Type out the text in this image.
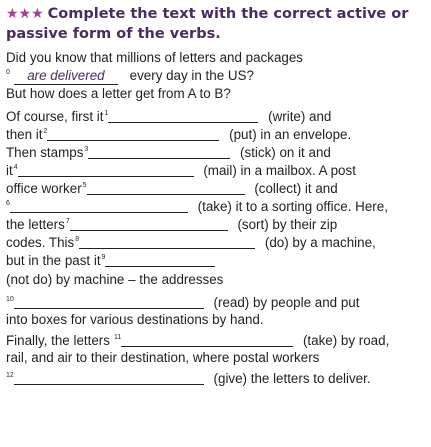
★★★ Complete the text with the correct active or passive form of the verbs.
Did you know that millions of letters and packages
$^0$ are delivered every day in the US?
But how does a letter get from A to B?
Of course, first $it^1$	(write) and
then $it^2$	(put) in an envelope.
Then stamps$^3$	(stick) on it and
$it^4$	(mail) in a mailbox. A post
office worker$^5$	(collect) it and
$^6$	(take) it to a sorting office. Here,
the letters$^7$	(sort) by their zip
codes. This$^8$	(do) by a machine,
but in the past $it^9$
(not do) by machine – the addresses
$^{10}$	(read) by people and put
into boxes for various destinations by hand.
Finally, the letters $^{11}$	(take) by road,
rail, and air to their destination, where postal workers
$^{12}$	(give) the letters to deliver.
